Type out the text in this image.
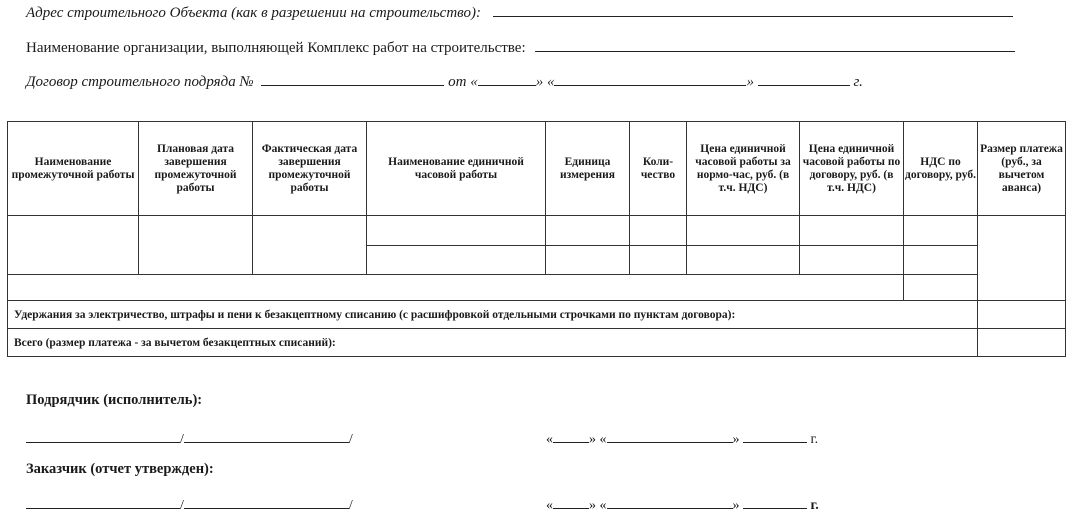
Адрес строительного Объекта (как в разрешении на строительство):
Наименование организации, выполняющей Комплекс работ на строительстве:
Договор строительного подряда №	от «	» «	»	г.
Наименование промежуточной работы	Плановая дата завершения промежуточной работы	Фактическая дата завершения промежуточной работы	Наименование единичной часовой работы	Единица измерения	Коли-чество	Цена единичной часовой работы за нормо-час, руб. (в т.ч. НДС)	Цена единичной часовой работы по договору, руб. (в т.ч. НДС)	НДС по договору, руб.	Размер платежа (руб., за вычетом аванса)

Удержания за электричество, штрафы и пени к безакцептному списанию (с расшифровкой отдельными строчками по пунктам договора):									
Всего (размер платежа - за вычетом безакцептных списаний):									
Подрядчик (исполнитель):
/	/	«	» «	»	г.
Заказчик (отчет утвержден):
/	/	«	» «	»	г.
